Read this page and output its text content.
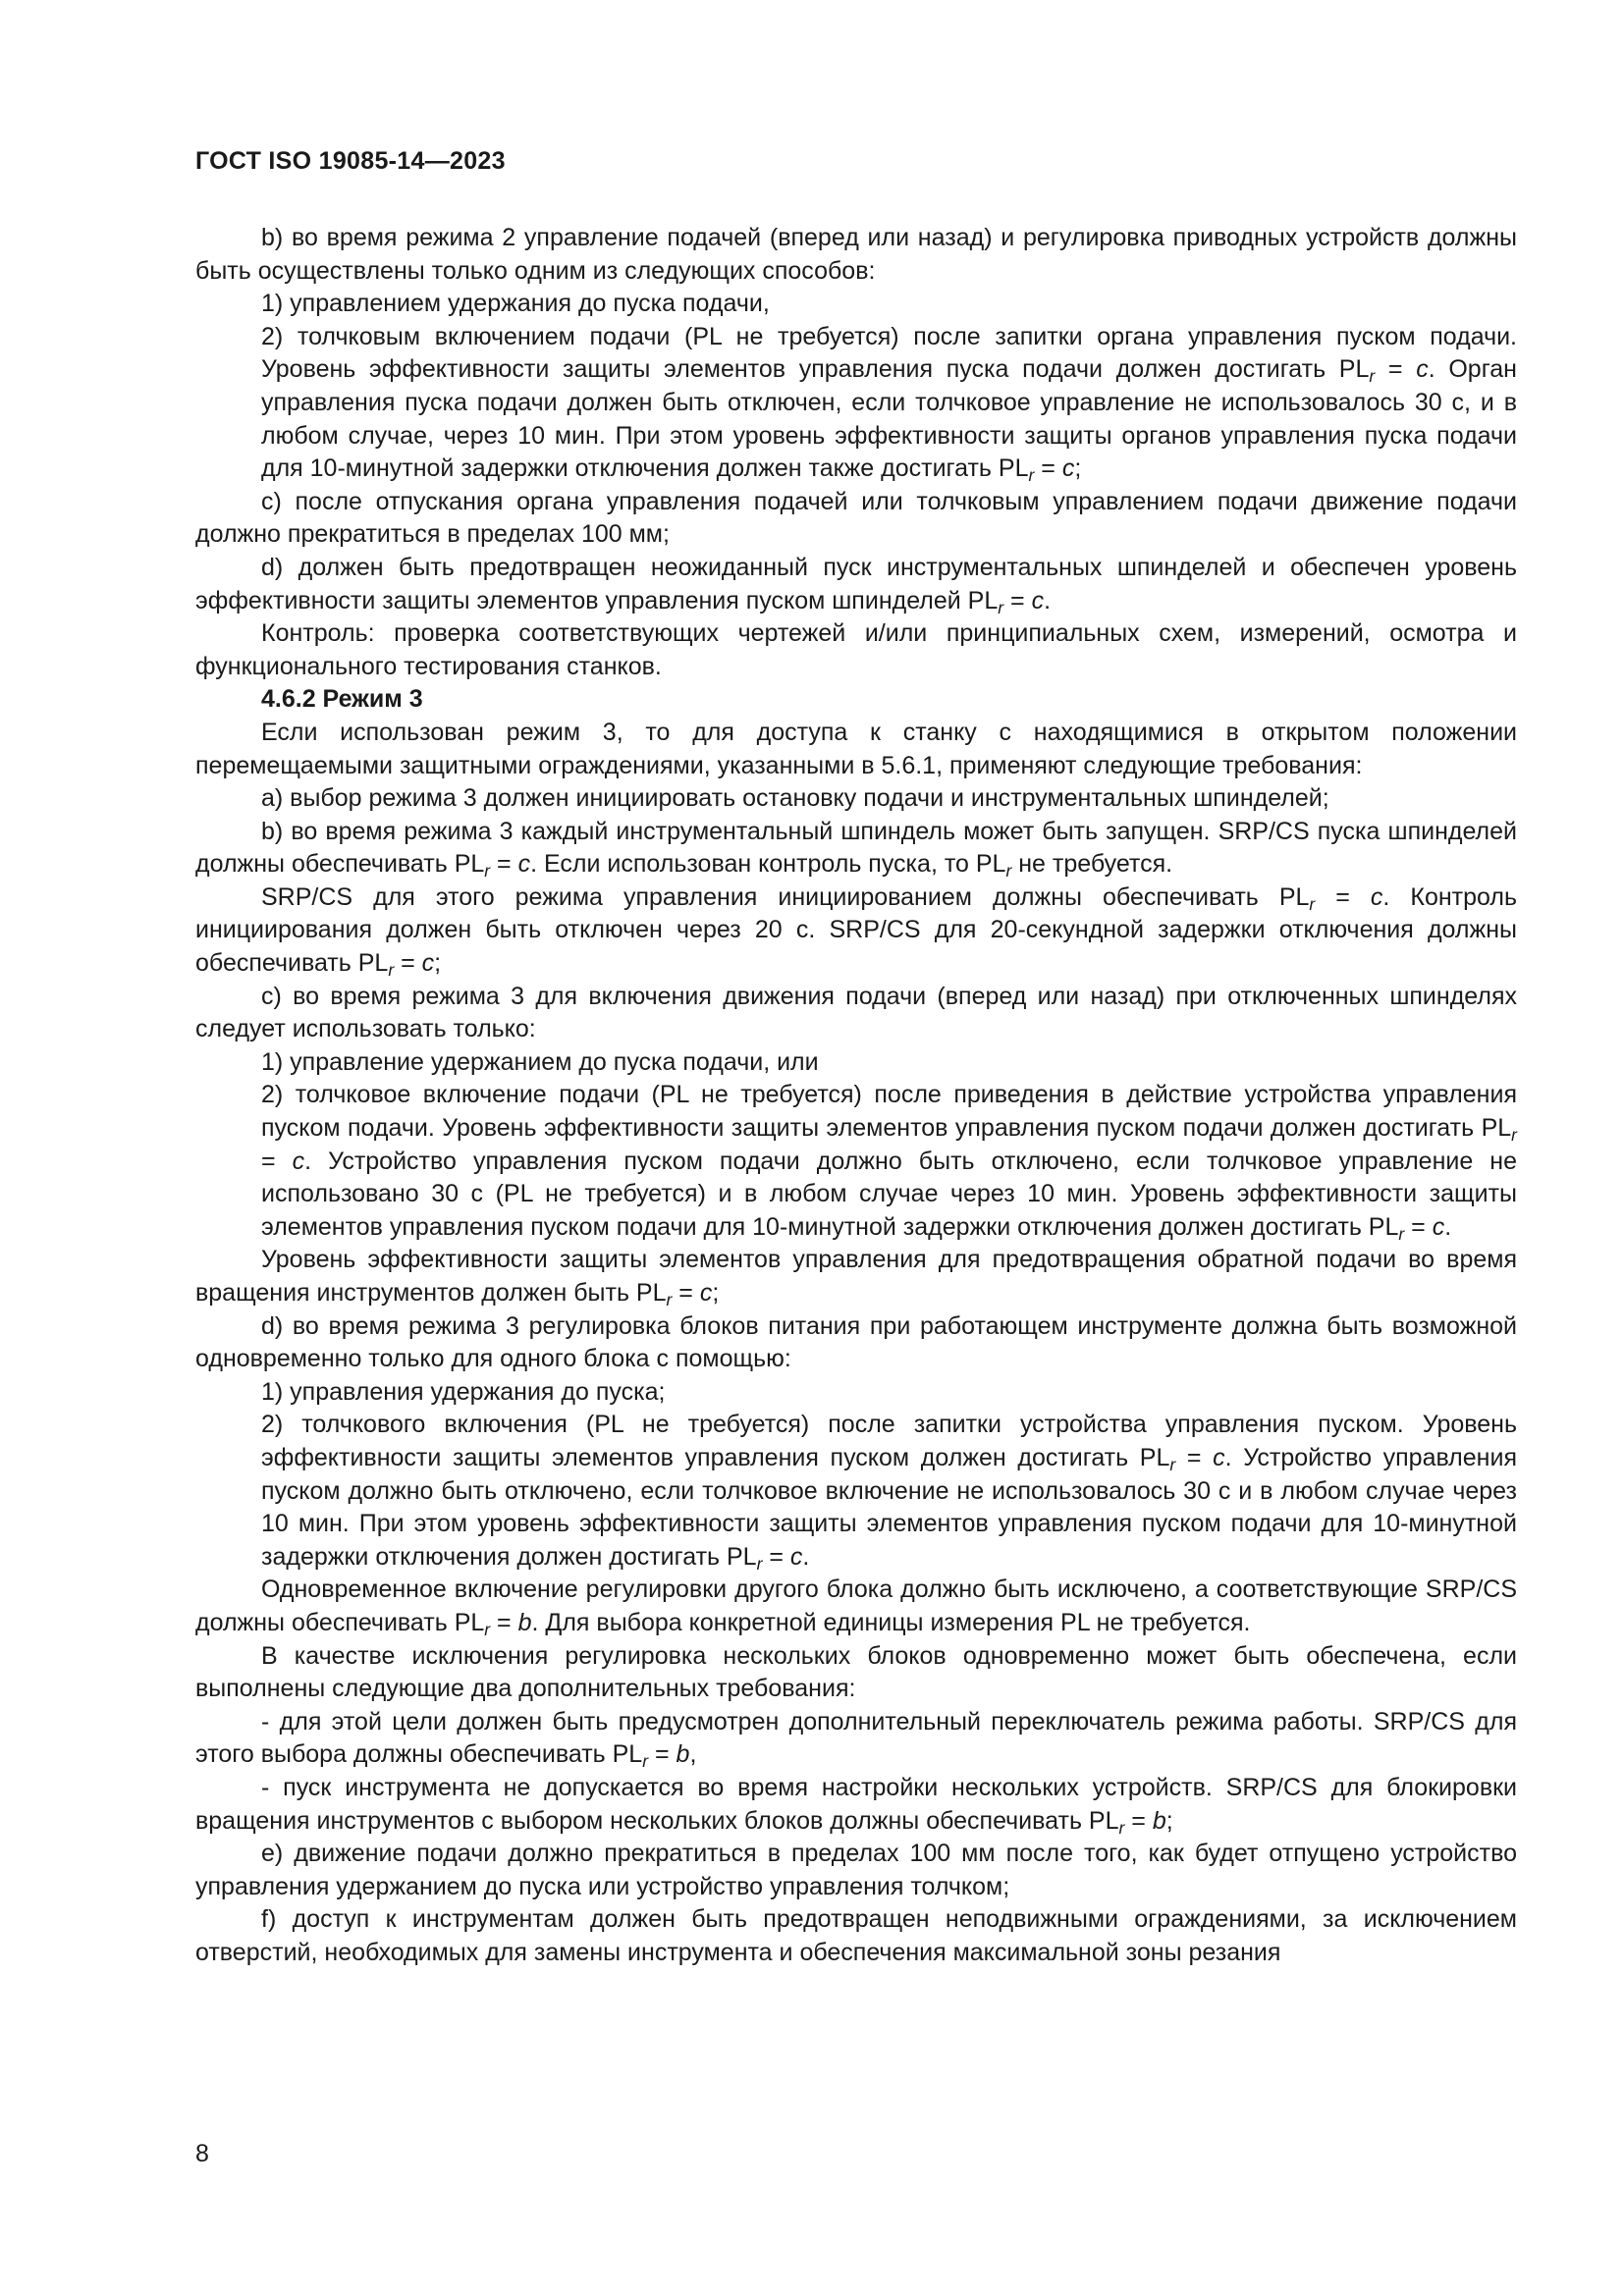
ГОСТ ISO 19085-14—2023

b) во время режима 2 управление подачей (вперед или назад) и регулировка приводных устройств должны быть осуществлены только одним из следующих способов:

1) управлением удержания до пуска подачи,

2) толчковым включением подачи (PL не требуется) после запитки органа управления пуском подачи. Уровень эффективности защиты элементов управления пуска подачи должен достигать $PL_r = c$. Орган управления пуска подачи должен быть отключен, если толчковое управление не использовалось 30 с, и в любом случае, через 10 мин. При этом уровень эффективности защиты органов управления пуска подачи для 10-минутной задержки отключения должен также достигать $PL_r = c$;

c) после отпускания органа управления подачей или толчковым управлением подачи движение подачи должно прекратиться в пределах 100 мм;

d) должен быть предотвращен неожиданный пуск инструментальных шпинделей и обеспечен уровень эффективности защиты элементов управления пуском шпинделей $PL_r = c$.

Контроль: проверка соответствующих чертежей и/или принципиальных схем, измерений, осмотра и функционального тестирования станков.

4.6.2 Режим 3

Если использован режим 3, то для доступа к станку с находящимися в открытом положении перемещаемыми защитными ограждениями, указанными в 5.6.1, применяют следующие требования:

a) выбор режима 3 должен инициировать остановку подачи и инструментальных шпинделей;

b) во время режима 3 каждый инструментальный шпиндель может быть запущен. SRP/CS пуска шпинделей должны обеспечивать $PL_r = c$. Если использован контроль пуска, то $PL_r$ не требуется.

SRP/CS для этого режима управления инициированием должны обеспечивать $PL_r = c$. Контроль инициирования должен быть отключен через 20 с. SRP/CS для 20-секундной задержки отключения должны обеспечивать $PL_r = c$;

c) во время режима 3 для включения движения подачи (вперед или назад) при отключенных шпинделях следует использовать только:

1) управление удержанием до пуска подачи, или

2) толчковое включение подачи (PL не требуется) после приведения в действие устройства управления пуском подачи. Уровень эффективности защиты элементов управления пуском подачи должен достигать $PL_r = c$. Устройство управления пуском подачи должно быть отключено, если толчковое управление не использовано 30 с (PL не требуется) и в любом случае через 10 мин. Уровень эффективности защиты элементов управления пуском подачи для 10-минутной задержки отключения должен достигать $PL_r = c$.

Уровень эффективности защиты элементов управления для предотвращения обратной подачи во время вращения инструментов должен быть $PL_r = c$;

d) во время режима 3 регулировка блоков питания при работающем инструменте должна быть возможной одновременно только для одного блока с помощью:

1) управления удержания до пуска;

2) толчкового включения (PL не требуется) после запитки устройства управления пуском. Уровень эффективности защиты элементов управления пуском должен достигать $PL_r = c$. Устройство управления пуском должно быть отключено, если толчковое включение не использовалось 30 с и в любом случае через 10 мин. При этом уровень эффективности защиты элементов управления пуском подачи для 10-минутной задержки отключения должен достигать $PL_r = c$.

Одновременное включение регулировки другого блока должно быть исключено, а соответствующие SRP/CS должны обеспечивать $PL_r = b$. Для выбора конкретной единицы измерения PL не требуется.

В качестве исключения регулировка нескольких блоков одновременно может быть обеспечена, если выполнены следующие два дополнительных требования:

- для этой цели должен быть предусмотрен дополнительный переключатель режима работы. SRP/CS для этого выбора должны обеспечивать $PL_r = b$,

- пуск инструмента не допускается во время настройки нескольких устройств. SRP/CS для блокировки вращения инструментов с выбором нескольких блоков должны обеспечивать $PL_r = b$;

e) движение подачи должно прекратиться в пределах 100 мм после того, как будет отпущено устройство управления удержанием до пуска или устройство управления толчком;

f) доступ к инструментам должен быть предотвращен неподвижными ограждениями, за исключением отверстий, необходимых для замены инструмента и обеспечения максимальной зоны резания

8
